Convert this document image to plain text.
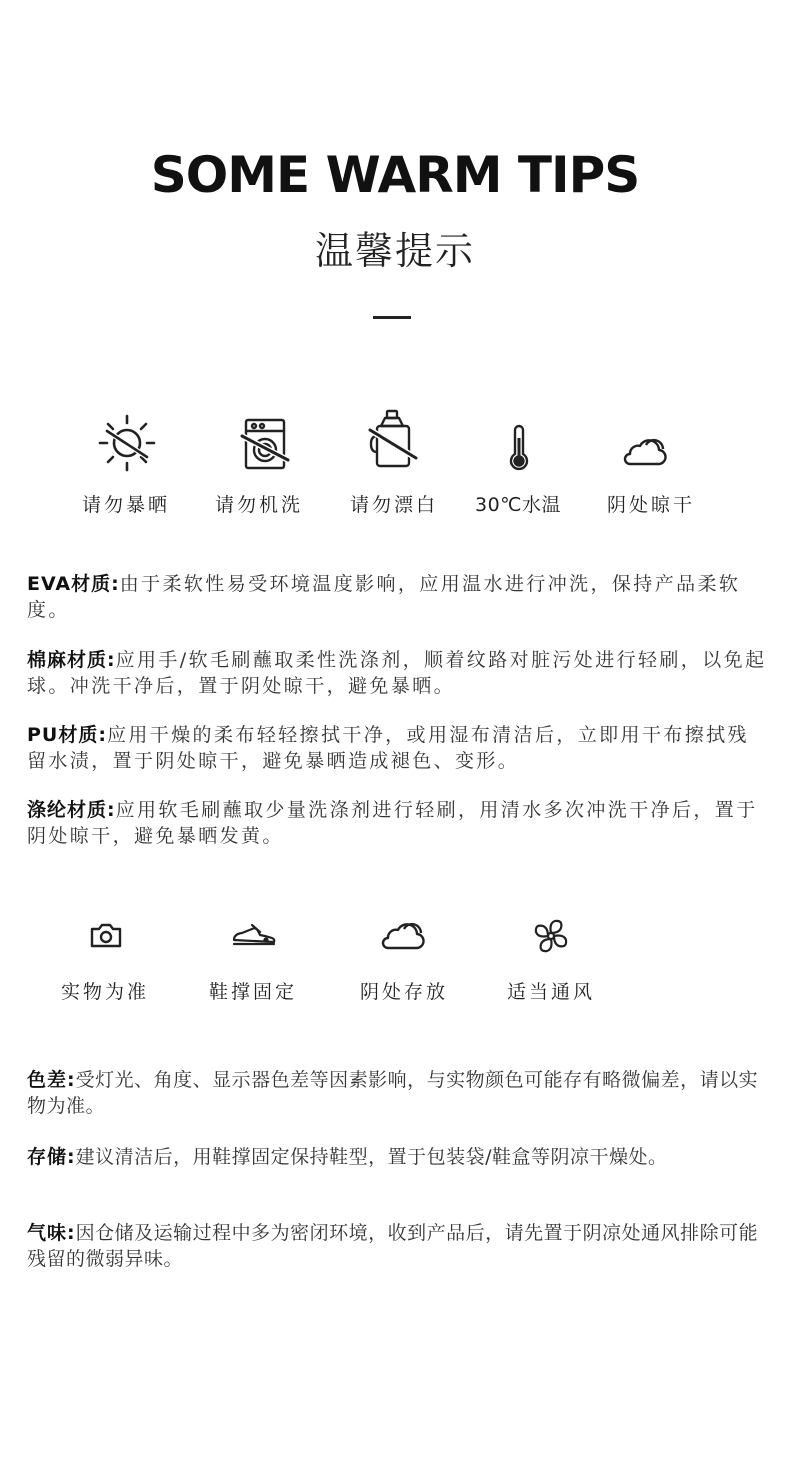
SOME WARM TIPS
温馨提示
请勿暴晒	请勿机洗	请勿漂白	30℃水温	阴处晾干

EVA材质:由于柔软性易受环境温度影响，应用温水进行冲洗，保持产品柔软度。

棉麻材质:应用手/软毛刷蘸取柔性洗涤剂，顺着纹路对脏污处进行轻刷，以免起球。冲洗干净后，置于阴处晾干，避免暴晒。

PU材质:应用干燥的柔布轻轻擦拭干净，或用湿布清洁后，立即用干布擦拭残留水渍，置于阴处晾干，避免暴晒造成褪色、变形。

涤纶材质:应用软毛刷蘸取少量洗涤剂进行轻刷，用清水多次冲洗干净后，置于阴处晾干，避免暴晒发黄。

实物为准	鞋撑固定	阴处存放	适当通风

色差:受灯光、角度、显示器色差等因素影响，与实物颜色可能存有略微偏差，请以实物为准。

存储:建议清洁后，用鞋撑固定保持鞋型，置于包装袋/鞋盒等阴凉干燥处。

气味:因仓储及运输过程中多为密闭环境，收到产品后，请先置于阴凉处通风排除可能残留的微弱异味。
